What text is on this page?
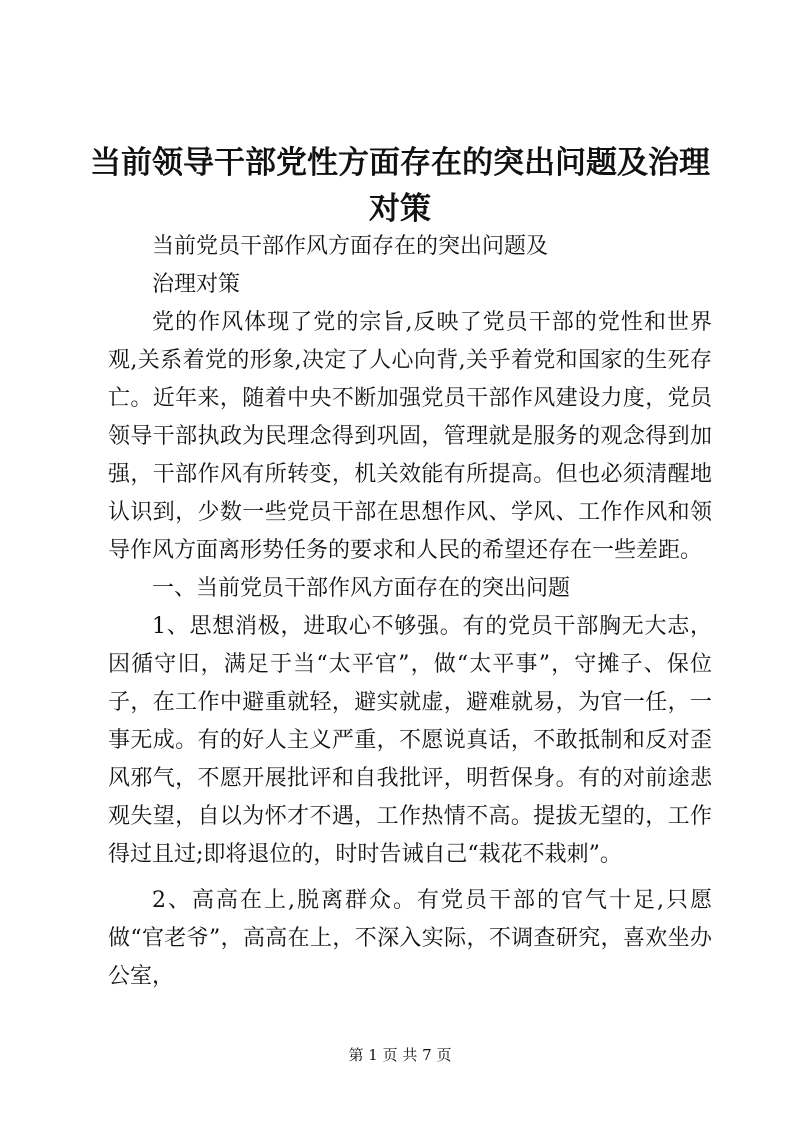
当前领导干部党性方面存在的突出问题及治理对策

当前党员干部作风方面存在的突出问题及

治理对策

党的作风体现了党的宗旨,反映了党员干部的党性和世界观,关系着党的形象,决定了人心向背,关乎着党和国家的生死存亡。近年来，随着中央不断加强党员干部作风建设力度，党员领导干部执政为民理念得到巩固，管理就是服务的观念得到加强，干部作风有所转变，机关效能有所提高。但也必须清醒地认识到，少数一些党员干部在思想作风、学风、工作作风和领导作风方面离形势任务的要求和人民的希望还存在一些差距。

一、当前党员干部作风方面存在的突出问题

1、思想消极，进取心不够强。有的党员干部胸无大志，因循守旧，满足于当“太平官”，做“太平事”，守摊子、保位子，在工作中避重就轻，避实就虚，避难就易，为官一任，一事无成。有的好人主义严重，不愿说真话，不敢抵制和反对歪风邪气，不愿开展批评和自我批评，明哲保身。有的对前途悲观失望，自以为怀才不遇，工作热情不高。提拔无望的，工作得过且过;即将退位的，时时告诫自己“栽花不栽刺”。

2、高高在上,脱离群众。有党员干部的官气十足,只愿做“官老爷”，高高在上，不深入实际，不调查研究，喜欢坐办公室，

第 1 页 共 7 页
